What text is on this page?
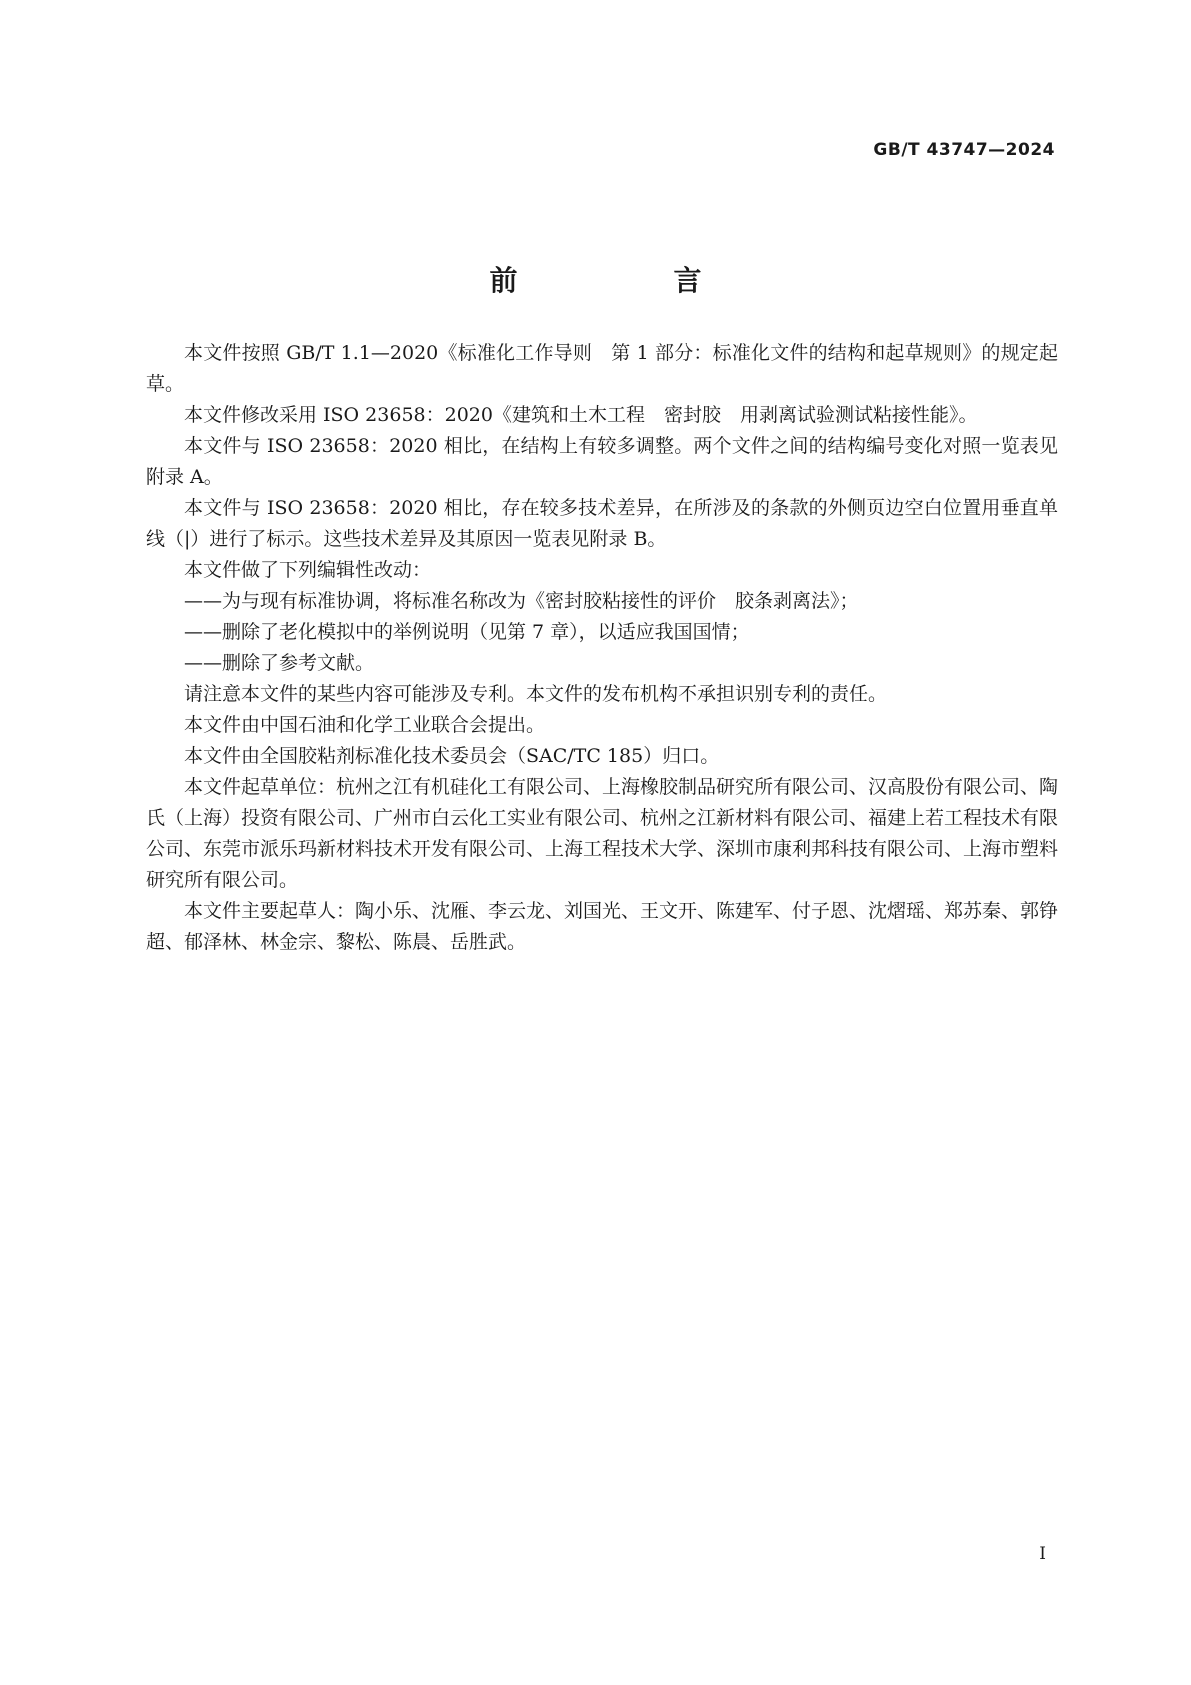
GB/T 43747—2024
前　言

本文件按照 GB/T 1.1—2020《标准化工作导则　第 1 部分：标准化文件的结构和起草规则》的规定起草。

本文件修改采用 ISO 23658：2020《建筑和土木工程　密封胶　用剥离试验测试粘接性能》。

本文件与 ISO 23658：2020 相比，在结构上有较多调整。两个文件之间的结构编号变化对照一览表见附录 A。

本文件与 ISO 23658：2020 相比，存在较多技术差异，在所涉及的条款的外侧页边空白位置用垂直单线（|）进行了标示。这些技术差异及其原因一览表见附录 B。

本文件做了下列编辑性改动：

——为与现有标准协调，将标准名称改为《密封胶粘接性的评价　胶条剥离法》；

——删除了老化模拟中的举例说明（见第 7 章），以适应我国国情；

——删除了参考文献。

请注意本文件的某些内容可能涉及专利。本文件的发布机构不承担识别专利的责任。

本文件由中国石油和化学工业联合会提出。

本文件由全国胶粘剂标准化技术委员会（SAC/TC 185）归口。

本文件起草单位：杭州之江有机硅化工有限公司、上海橡胶制品研究所有限公司、汉高股份有限公司、陶氏（上海）投资有限公司、广州市白云化工实业有限公司、杭州之江新材料有限公司、福建上若工程技术有限公司、东莞市派乐玛新材料技术开发有限公司、上海工程技术大学、深圳市康利邦科技有限公司、上海市塑料研究所有限公司。

本文件主要起草人：陶小乐、沈雁、李云龙、刘国光、王文开、陈建军、付子恩、沈熠瑶、郑苏秦、郭铮超、郁泽林、林金宗、黎松、陈晨、岳胜武。

I
